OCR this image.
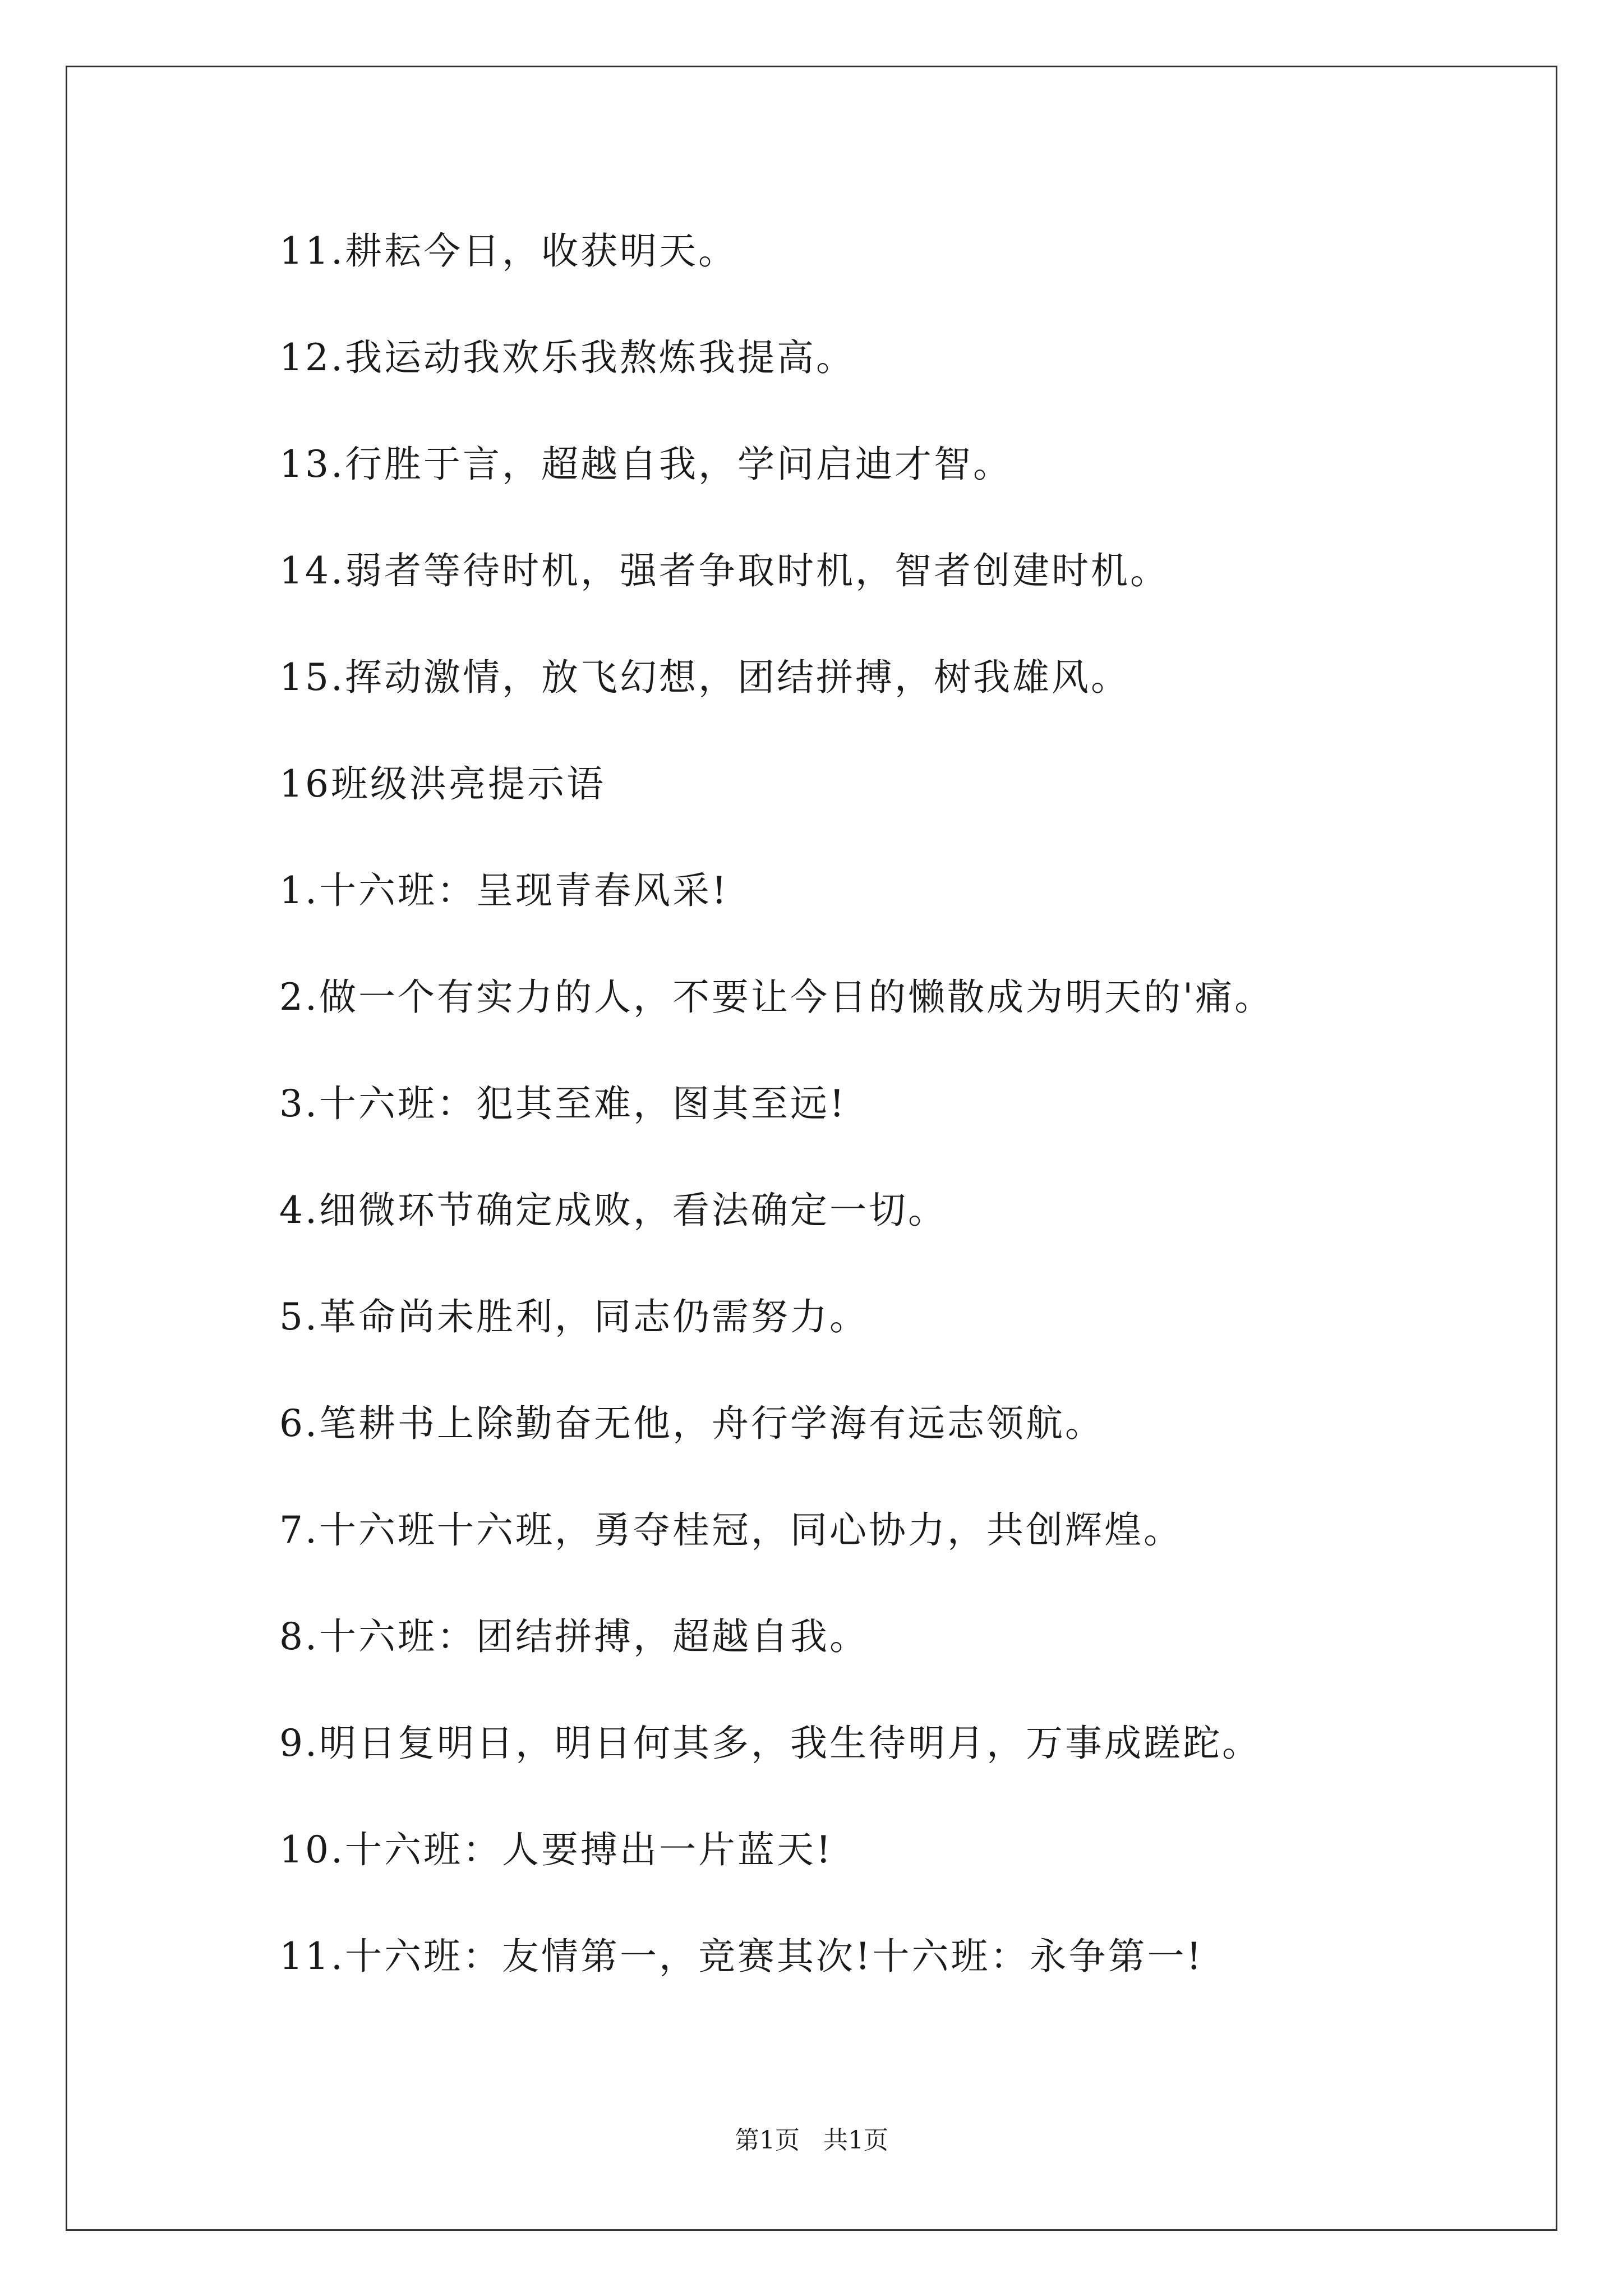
11.耕耘今日，收获明天。
12.我运动我欢乐我熬炼我提高。
13.行胜于言，超越自我，学问启迪才智。
14.弱者等待时机，强者争取时机，智者创建时机。
15.挥动激情，放飞幻想，团结拼搏，树我雄风。
16班级洪亮提示语
1.十六班：呈现青春风采!
2.做一个有实力的人，不要让今日的懒散成为明天的'痛。
3.十六班：犯其至难，图其至远!
4.细微环节确定成败，看法确定一切。
5.革命尚未胜利，同志仍需努力。
6.笔耕书上除勤奋无他，舟行学海有远志领航。
7.十六班十六班，勇夺桂冠，同心协力，共创辉煌。
8.十六班：团结拼搏，超越自我。
9.明日复明日，明日何其多，我生待明月，万事成蹉跎。
10.十六班：人要搏出一片蓝天!
11.十六班：友情第一，竞赛其次!十六班：永争第一!
第1页   共1页
